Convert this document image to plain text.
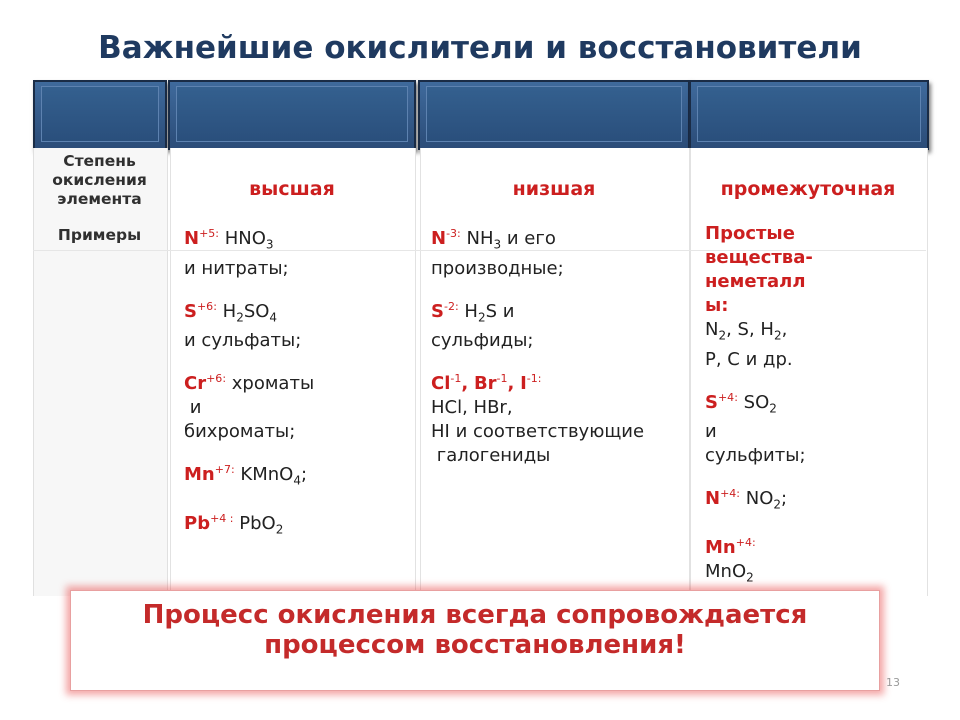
Важнейшие окислители и восстановители
Степень
окисления
элемента
Примеры
высшая	низшая	промежуточная

$N^{+5:}$ $HNO_3$
и нитраты;

$S^{+6:}$ $H_2SO_4$
и сульфаты;

$Cr^{+6:}$ хроматы
и
бихроматы;

$Mn^{+7:}$ KMnO$_4$;

$Pb^{+4}$ : PbO$_2$

$N^{-3:}$ $NH_3$ и его
производные;

$S^{-2:}$ $H_2S$ и
сульфиды;

$Cl^{-1}$, $Br^{-1}$, $I^{-1:}$
HCl, HBr,
HI и соответствующие
галогениды

Простые
вещества-
неметалл
ы:
$N_2$, S, $H_2$,
P, C и др.

$S^{+4:}$ $SO_2$
и
сульфиты;

$N^{+4:}$ $NO_2$;

$Mn^{+4:}$
MnO$_2$

Процесс окисления всегда сопровождается
процессом восстановления!
13
